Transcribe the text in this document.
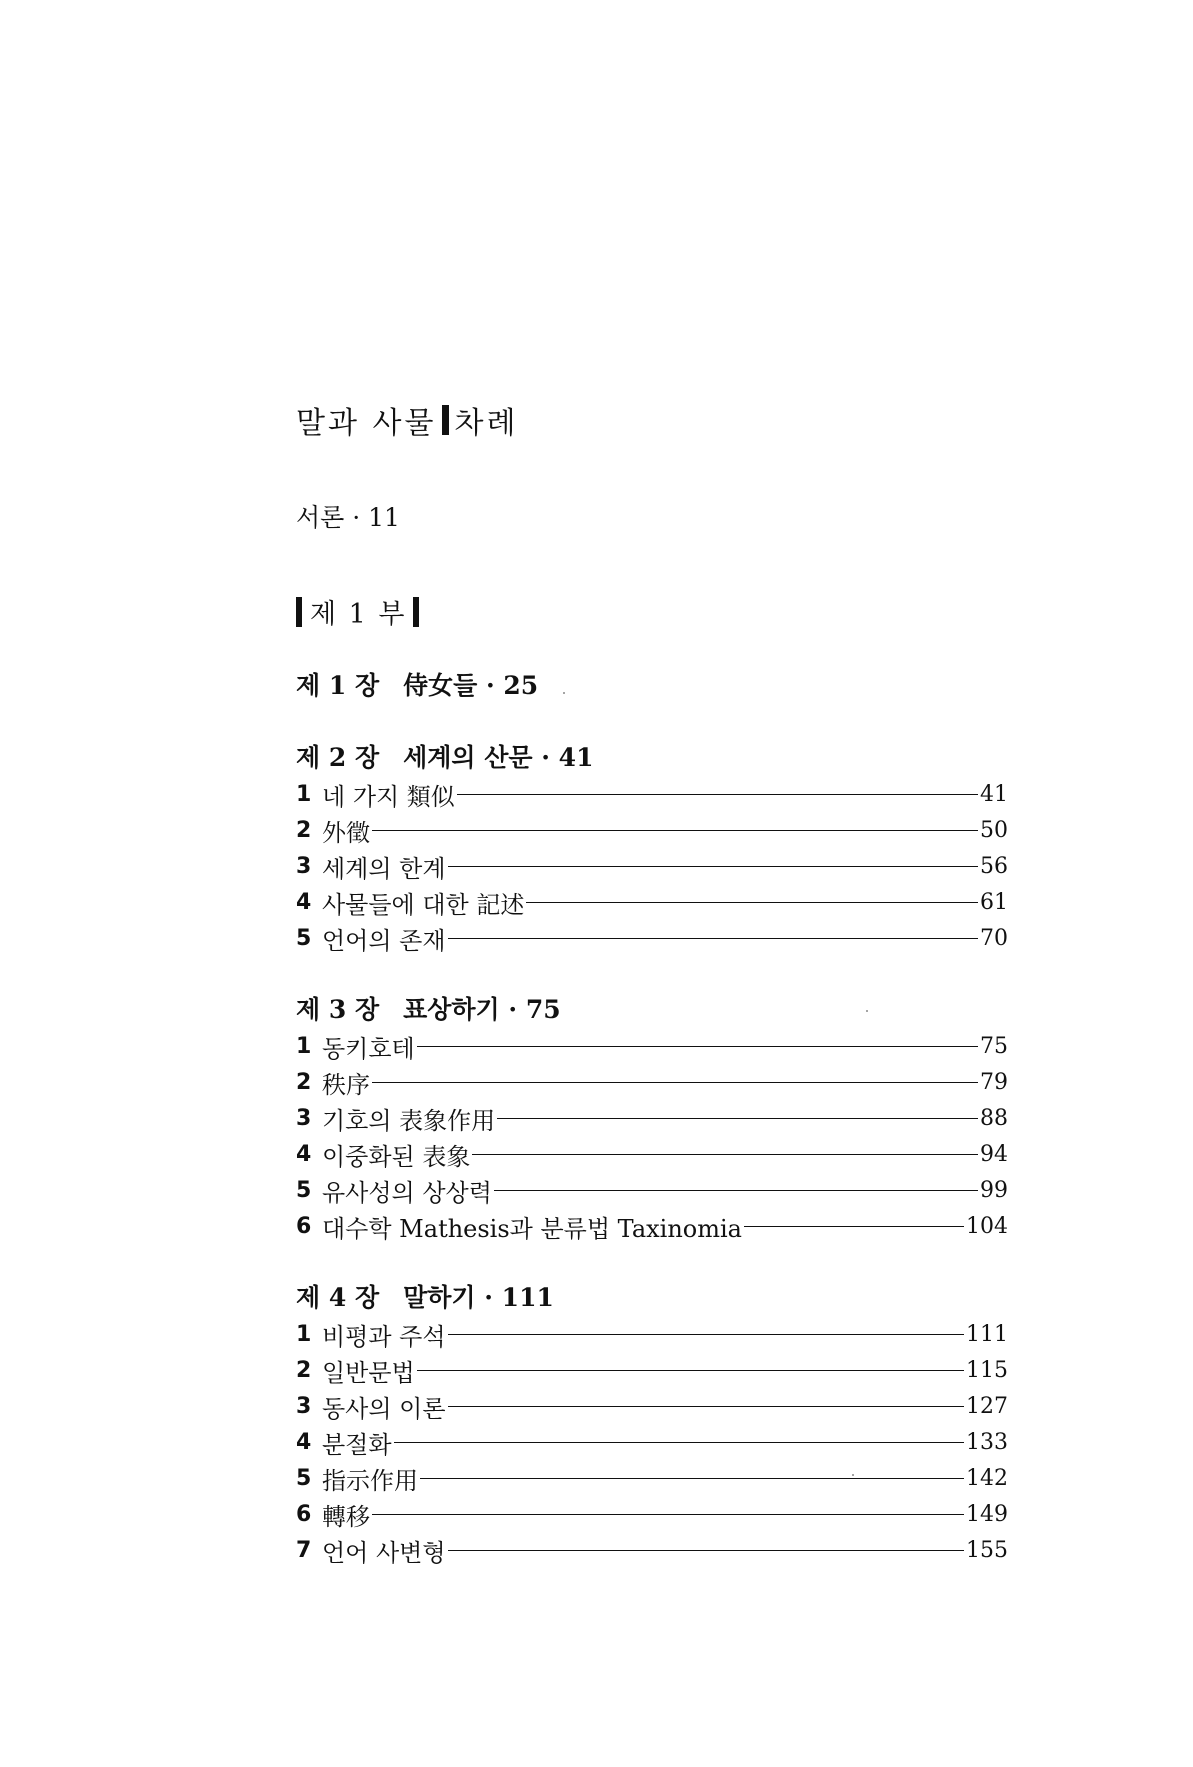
말과 사물 차례
서론 · 11
제 1 부
제 1 장 侍女들 · 25
제 2 장 세계의 산문 · 41
1 네 가지 類似	41
2 外徵	50
3 세계의 한계	56
4 사물들에 대한 記述	61
5 언어의 존재	70
제 3 장 표상하기 · 75
1 동키호테	75
2 秩序	79
3 기호의 表象作用	88
4 이중화된 表象	94
5 유사성의 상상력	99
6 대수학 Mathesis과 분류법 Taxinomia	104
제 4 장 말하기 · 111
1 비평과 주석	111
2 일반문법	115
3 동사의 이론	127
4 분절화	133
5 指示作用	142
6 轉移	149
7 언어 사변형	155
